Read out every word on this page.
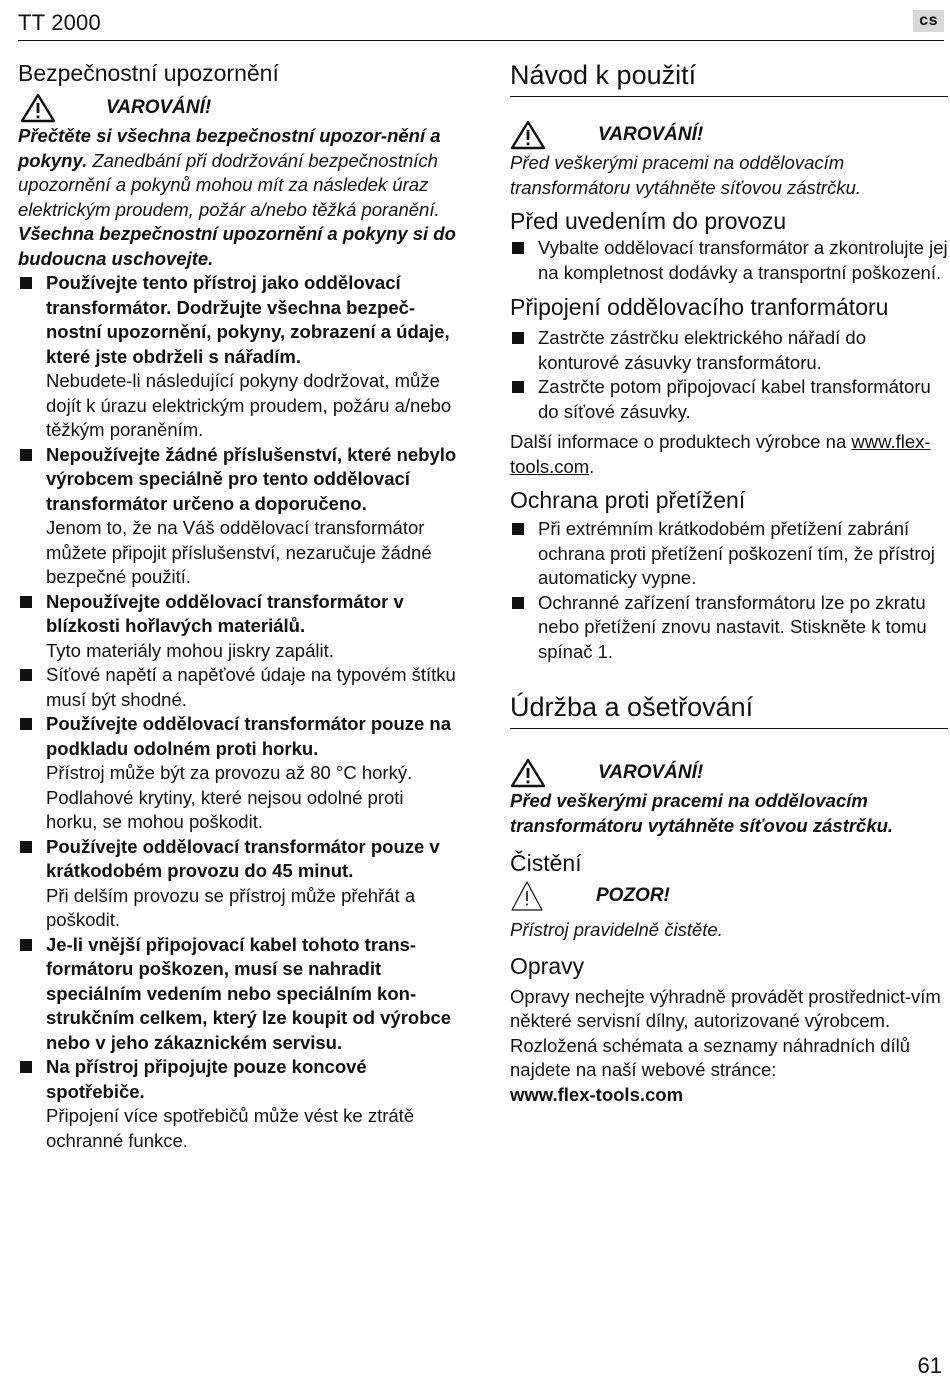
TT 2000	cs
Bezpečnostní upozornění
VAROVÁNÍ!
Přečtěte si všechna bezpečnostní upozor-nění a pokyny. Zanedbání při dodržování bezpečnostních upozornění a pokynů mohou mít za následek úraz elektrickým proudem, požár a/nebo těžká poranění.
Všechna bezpečnostní upozornění a pokyny si do budoucna uschovejte.
Používejte tento přístroj jako oddělovací transformátor. Dodržujte všechna bezpeč-nostní upozornění, pokyny, zobrazení a údaje, které jste obdrželi s nářadím.
Nebudete-li následující pokyny dodržovat, může dojít k úrazu elektrickým proudem, požáru a/nebo těžkým poraněním.
Nepoužívejte žádné příslušenství, které nebylo výrobcem speciálně pro tento oddělovací transformátor určeno a doporučeno.
Jenom to, že na Váš oddělovací transformátor můžete připojit příslušenství, nezaručuje žádné bezpečné použití.
Nepoužívejte oddělovací transformátor v blízkosti hořlavých materiálů.
Tyto materiály mohou jiskry zapálit.
Síťové napětí a napěťové údaje na typovém štítku musí být shodné.
Používejte oddělovací transformátor pouze na podkladu odolném proti horku.
Přístroj může být za provozu až 80 °C horký. Podlahové krytiny, které nejsou odolné proti horku, se mohou poškodit.
Používejte oddělovací transformátor pouze v krátkodobém provozu do 45 minut.
Při delším provozu se přístroj může přehřát a poškodit.
Je-li vnější připojovací kabel tohoto trans-formátoru poškozen, musí se nahradit speciálním vedením nebo speciálním kon-strukčním celkem, který lze koupit od výrobce nebo v jeho zákaznickém servisu.
Na přístroj připojujte pouze koncové spotřebiče.
Připojení více spotřebičů může vést ke ztrátě ochranné funkce.
Návod k použití
VAROVÁNÍ!
Před veškerými pracemi na oddělovacím transformátoru vytáhněte síťovou zástrčku.
Před uvedením do provozu
Vybalte oddělovací transformátor a zkontrolujte jej na kompletnost dodávky a transportní poškození.
Připojení oddělovacího tranformátoru
Zastrčte zástrčku elektrického nářadí do konturové zásuvky transformátoru.
Zastrčte potom připojovací kabel transformátoru do síťové zásuvky.
Další informace o produktech výrobce na www.flex-tools.com.
Ochrana proti přetížení
Při extrémním krátkodobém přetížení zabrání ochrana proti přetížení poškození tím, že přístroj automaticky vypne.
Ochranné zařízení transformátoru lze po zkratu nebo přetížení znovu nastavit. Stiskněte k tomu spínač 1.
Údržba a ošetřování
VAROVÁNÍ!
Před veškerými pracemi na oddělovacím transformátoru vytáhněte síťovou zástrčku.
Čistění
POZOR!
Přístroj pravidelně čistěte.
Opravy
Opravy nechejte výhradně provádět prostřednict-vím některé servisní dílny, autorizované výrobcem.
Rozložená schémata a seznamy náhradních dílů najdete na naší webové stránce:
www.flex-tools.com
61
